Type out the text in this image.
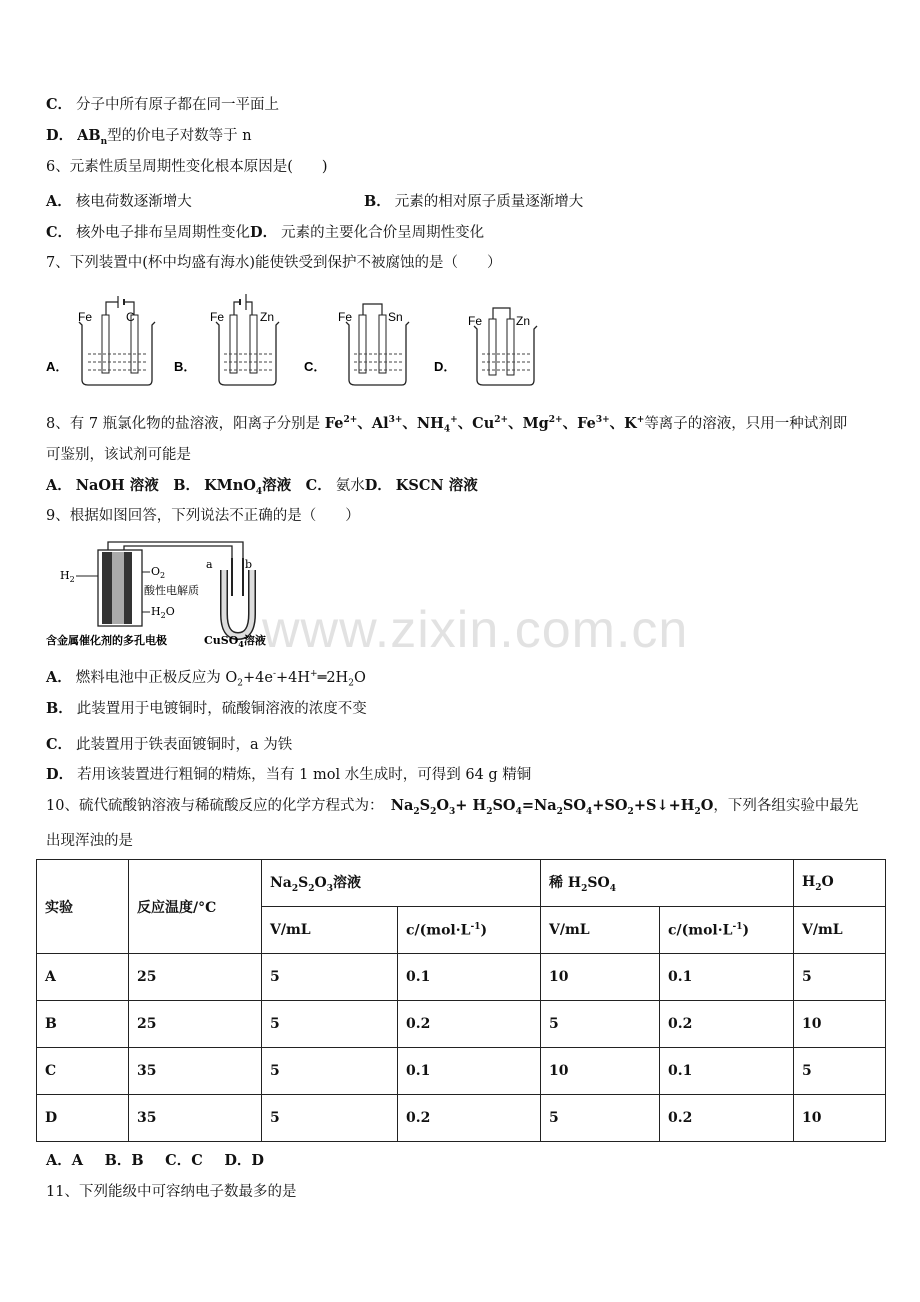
www.zixin.com.cn
C． 分子中所有原子都在同一平面上
D． $AB_n$型的价电子对数等于 n
6、元素性质呈周期性变化根本原因是(　　)
A． 核电荷数逐渐增大	B． 元素的相对原子质量逐渐增大
C． 核外电子排布呈周期性变化D． 元素的主要化合价呈周期性变化
7、下列装置中(杯中均盛有海水)能使铁受到保护不被腐蚀的是（　　）
A．
Fe	C
B．
Fe	Zn
C．
Fe	Sn
D．
Fe	Zn
8、有 7 瓶氯化物的盐溶液，阳离子分别是 $Fe^{2+}$、$Al^{3+}$、$NH_4^+$、$Cu^{2+}$、$Mg^{2+}$、$Fe^{3+}$、K+等离子的溶液，只用一种试剂即
可鉴别，该试剂可能是
A． NaOH 溶液　 B． KMnO$_4$溶液　 C． 氨水D． KSCN 溶液
9、根据如图回答，下列说法不正确的是（　　）
$H_2$
$O_2$
酸性电解质
$H_2O$
a	b
含金属催化剂的多孔电极	CuSO$_4$溶液
A． 燃料电池中正极反应为 $O_2+4e^-+4H^+═2H_2O$
B． 此装置用于电镀铜时，硫酸铜溶液的浓度不变
C． 此装置用于铁表面镀铜时，a 为铁
D． 若用该装置进行粗铜的精炼，当有 1 mol 水生成时，可得到 64 g 精铜
10、硫代硫酸钠溶液与稀硫酸反应的化学方程式为：　$Na_2S_2O_3+$ $H_2SO_4=Na_2SO_4+SO_2+S↓+H_2O$，下列各组实验中最先
出现浑浊的是
实验	反应温度/°C	$Na_2S_2O_3$溶液		稀 $H_2SO_4$		$H_2O$
		V/mL	$c/(mol\cdot L^{-1})$	V/mL	$c/(mol\cdot L^{-1})$	V/mL
A	25	5	0.1	10	0.1	5
B	25	5	0.2	5	0.2	10
C	35	5	0.1	10	0.1	5
D	35	5	0.2	5	0.2	10
A．A　 B．B　 C．C　 D．D
11、下列能级中可容纳电子数最多的是
